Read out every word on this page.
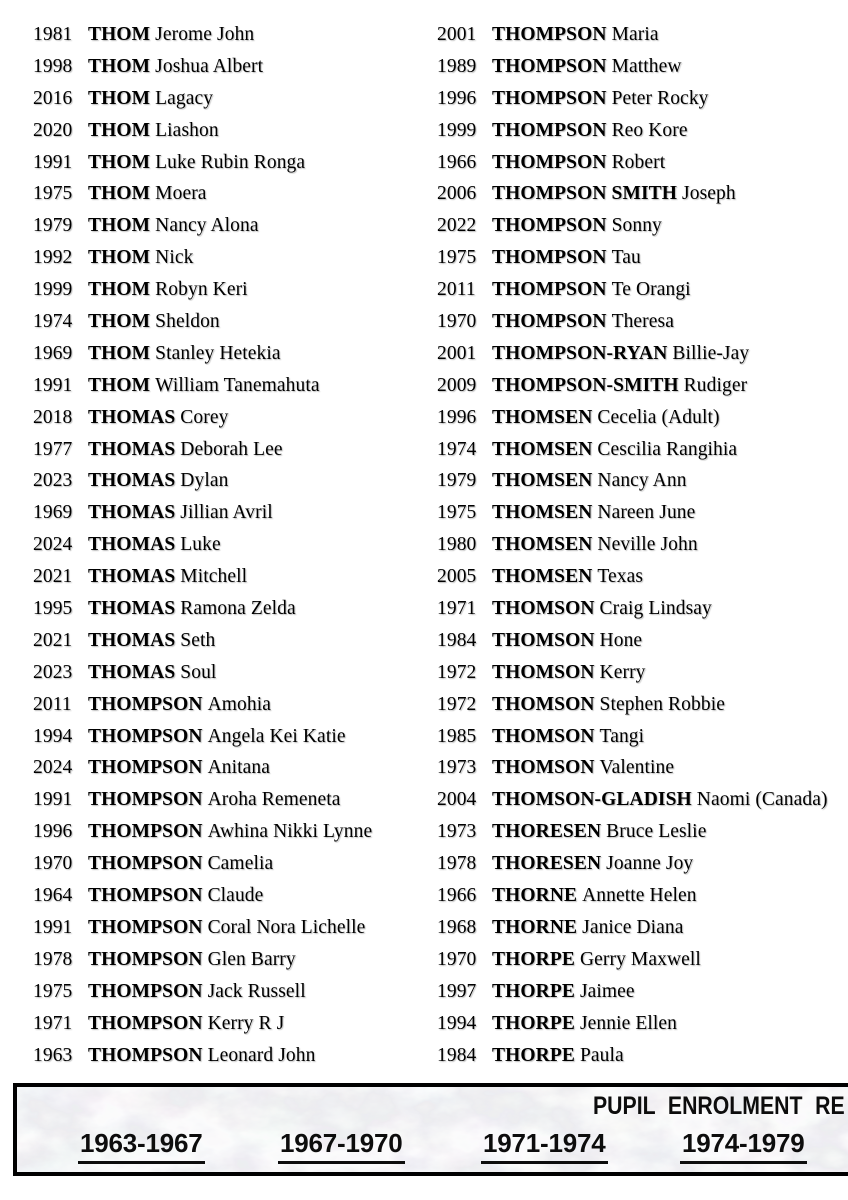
1981 THOM Jerome John
1998 THOM Joshua Albert
2016 THOM Lagacy
2020 THOM Liashon
1991 THOM Luke Rubin Ronga
1975 THOM Moera
1979 THOM Nancy Alona
1992 THOM Nick
1999 THOM Robyn Keri
1974 THOM Sheldon
1969 THOM Stanley Hetekia
1991 THOM William Tanemahuta
2018 THOMAS Corey
1977 THOMAS Deborah Lee
2023 THOMAS Dylan
1969 THOMAS Jillian Avril
2024 THOMAS Luke
2021 THOMAS Mitchell
1995 THOMAS Ramona Zelda
2021 THOMAS Seth
2023 THOMAS Soul
2011 THOMPSON Amohia
1994 THOMPSON Angela Kei Katie
2024 THOMPSON Anitana
1991 THOMPSON Aroha Remeneta
1996 THOMPSON Awhina Nikki Lynne
1970 THOMPSON Camelia
1964 THOMPSON Claude
1991 THOMPSON Coral Nora Lichelle
1978 THOMPSON Glen Barry
1975 THOMPSON Jack Russell
1971 THOMPSON Kerry R J
1963 THOMPSON Leonard John
2001 THOMPSON Maria
1989 THOMPSON Matthew
1996 THOMPSON Peter Rocky
1999 THOMPSON Reo Kore
1966 THOMPSON Robert
2006 THOMPSON SMITH Joseph
2022 THOMPSON Sonny
1975 THOMPSON Tau
2011 THOMPSON Te Orangi
1970 THOMPSON Theresa
2001 THOMPSON-RYAN Billie-Jay
2009 THOMPSON-SMITH Rudiger
1996 THOMSEN Cecelia (Adult)
1974 THOMSEN Cescilia Rangihia
1979 THOMSEN Nancy Ann
1975 THOMSEN Nareen June
1980 THOMSEN Neville John
2005 THOMSEN Texas
1971 THOMSON Craig Lindsay
1984 THOMSON Hone
1972 THOMSON Kerry
1972 THOMSON Stephen Robbie
1985 THOMSON Tangi
1973 THOMSON Valentine
2004 THOMSON-GLADISH Naomi (Canada)
1973 THORESEN Bruce Leslie
1978 THORESEN Joanne Joy
1966 THORNE Annette Helen
1968 THORNE Janice Diana
1970 THORPE Gerry Maxwell
1997 THORPE Jaimee
1994 THORPE Jennie Ellen
1984 THORPE Paula
PUPIL ENROLMENT RE
1963-1967	1967-1970	1971-1974	1974-1979
